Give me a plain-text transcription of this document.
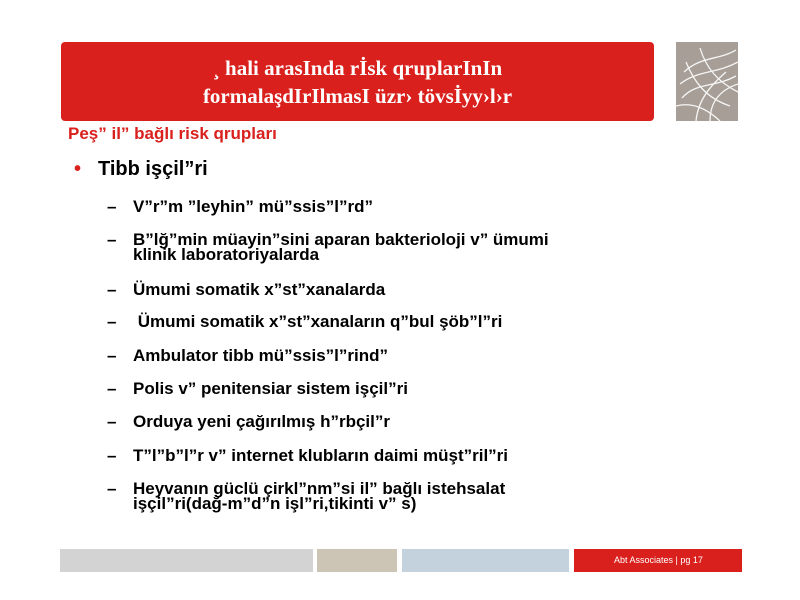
¸ hali arasInda rİsk qruplarInIn
formalaşdIrIlmasI üzr› tövsİyy›l›r
Peş” il” bağlı risk qrupları
• Tibb işçil”ri
– V”r”m ”leyhin” mü”ssis”l”rd”
– B”lğ”min müayin”sini aparan bakterioloji v” ümumi
klinik laboratoriyalarda
– Ümumi somatik x”st”xanalarda
– Ümumi somatik x”st”xanaların q”bul şöb”l”ri
– Ambulator tibb mü”ssis”l”rind”
– Polis v” penitensiar sistem işçil”ri
– Orduya yeni çağırılmış h”rbçil”r
– T”l”b”l”r v” internet klubların daimi müşt”ril”ri
– Heyvanın güclü çirkl”nm”si il” bağlı istehsalat
işçil”ri(dağ-m”d”n işl”ri,tikinti v” s)
Abt Associates | pg 17
